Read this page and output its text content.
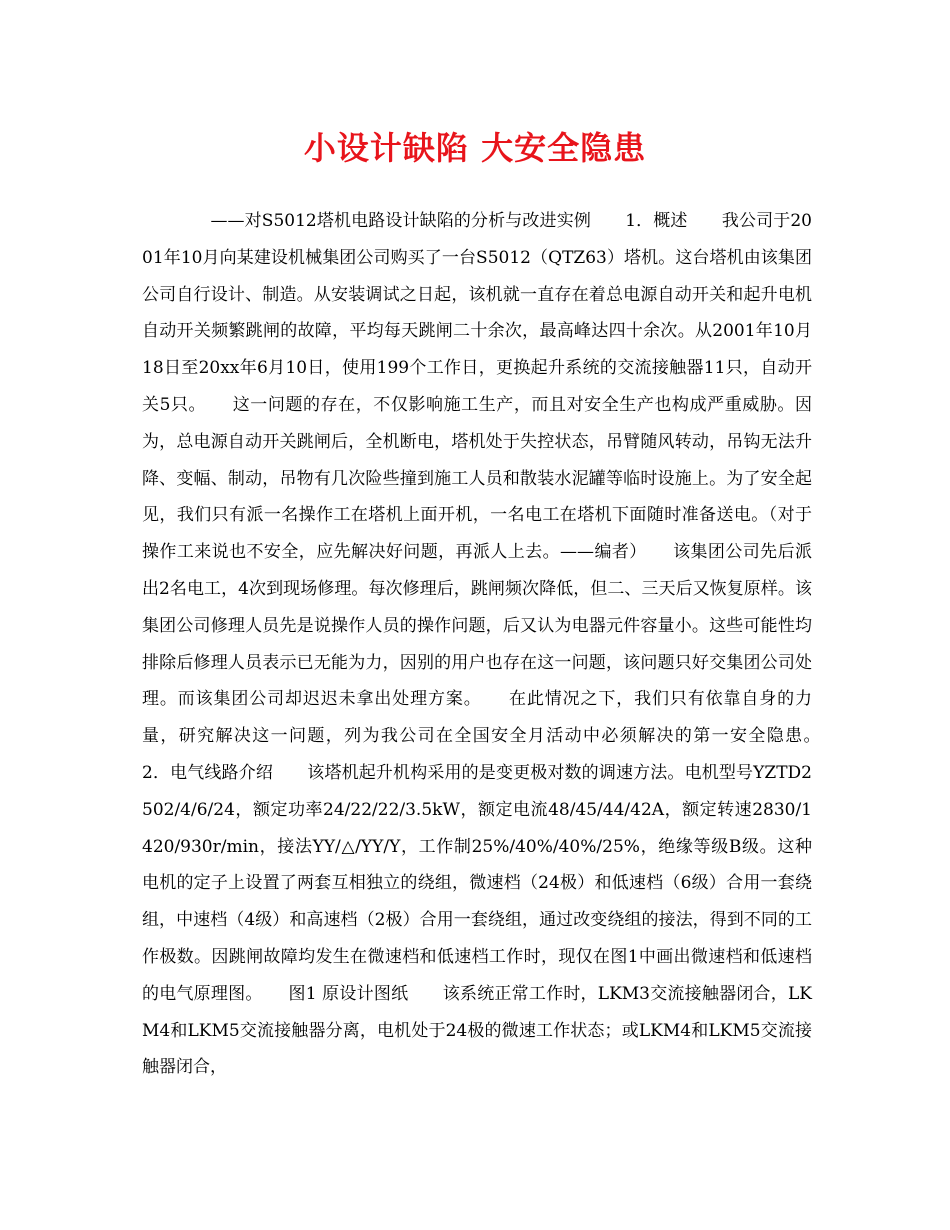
小设计缺陷 大安全隐患

　　　　——对S5012塔机电路设计缺陷的分析与改进实例　　1．概述　　我公司于2001年10月向某建设机械集团公司购买了一台S5012（QTZ63）塔机。这台塔机由该集团公司自行设计、制造。从安装调试之日起，该机就一直存在着总电源自动开关和起升电机自动开关频繁跳闸的故障，平均每天跳闸二十余次，最高峰达四十余次。从2001年10月18日至20xx年6月10日，使用199个工作日，更换起升系统的交流接触器11只，自动开关5只。　　这一问题的存在，不仅影响施工生产，而且对安全生产也构成严重威胁。因为，总电源自动开关跳闸后，全机断电，塔机处于失控状态，吊臂随风转动，吊钩无法升降、变幅、制动，吊物有几次险些撞到施工人员和散装水泥罐等临时设施上。为了安全起见，我们只有派一名操作工在塔机上面开机，一名电工在塔机下面随时准备送电。（对于操作工来说也不安全，应先解决好问题，再派人上去。——编者）　　该集团公司先后派出2名电工，4次到现场修理。每次修理后，跳闸频次降低，但二、三天后又恢复原样。该集团公司修理人员先是说操作人员的操作问题，后又认为电器元件容量小。这些可能性均排除后修理人员表示已无能为力，因别的用户也存在这一问题，该问题只好交集团公司处理。而该集团公司却迟迟未拿出处理方案。　　在此情况之下，我们只有依靠自身的力量，研究解决这一问题，列为我公司在全国安全月活动中必须解决的第一安全隐患。　　2．电气线路介绍　　该塔机起升机构采用的是变更极对数的调速方法。电机型号YZTD2502/4/6/24，额定功率24/22/22/3.5kW，额定电流48/45/44/42A，额定转速2830/1420/930r/min，接法YY/△/YY/Y，工作制25%/40%/40%/25%，绝缘等级B级。这种电机的定子上设置了两套互相独立的绕组，微速档（24极）和低速档（6级）合用一套绕组，中速档（4级）和高速档（2极）合用一套绕组，通过改变绕组的接法，得到不同的工作极数。因跳闸故障均发生在微速档和低速档工作时，现仅在图1中画出微速档和低速档的电气原理图。　　图1 原设计图纸　　该系统正常工作时，LKM3交流接触器闭合，LKM4和LKM5交流接触器分离，电机处于24极的微速工作状态；或LKM4和LKM5交流接触器闭合，
